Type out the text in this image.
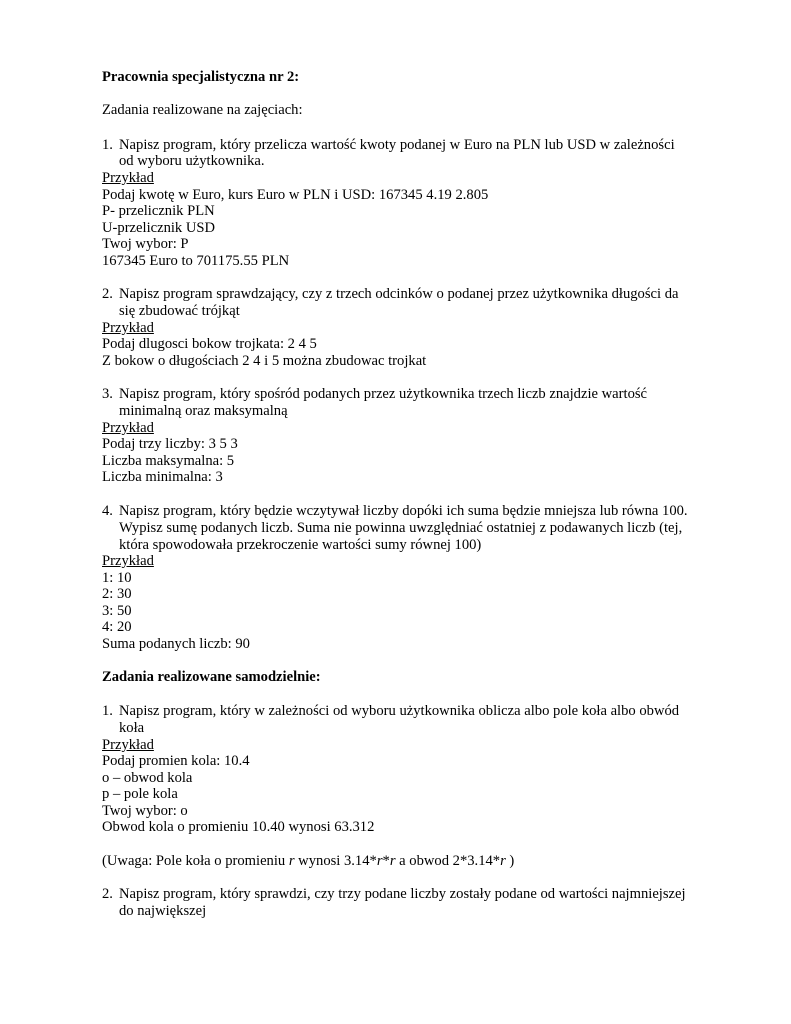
Pracownia specjalistyczna nr 2:
Zadania realizowane na zajęciach:
1. Napisz program, który przelicza wartość kwoty podanej w Euro na PLN lub USD w zależności
od wyboru użytkownika.
Przykład
Podaj kwotę w Euro, kurs Euro w PLN i USD: 167345 4.19 2.805
P- przelicznik PLN
U-przelicznik USD
Twoj wybor: P
167345 Euro to 701175.55 PLN
2. Napisz program sprawdzający, czy z trzech odcinków o podanej przez użytkownika długości da
się zbudować trójkąt
Przykład
Podaj dlugosci bokow trojkata: 2 4 5
Z bokow o długościach 2 4 i 5 można zbudowac trojkat
3. Napisz program, który spośród podanych przez użytkownika trzech liczb znajdzie wartość
minimalną oraz maksymalną
Przykład
Podaj trzy liczby: 3 5 3
Liczba maksymalna: 5
Liczba minimalna: 3
4. Napisz program, który będzie wczytywał liczby dopóki ich suma będzie mniejsza lub równa 100.
Wypisz sumę podanych liczb. Suma nie powinna uwzględniać ostatniej z podawanych liczb (tej,
która spowodowała przekroczenie wartości sumy równej 100)
Przykład
1: 10
2: 30
3: 50
4: 20
Suma podanych liczb: 90
Zadania realizowane samodzielnie:
1. Napisz program, który w zależności od wyboru użytkownika oblicza albo pole koła albo obwód
koła
Przykład
Podaj promien kola: 10.4
o – obwod kola
p – pole kola
Twoj wybor: o
Obwod kola o promieniu 10.40 wynosi 63.312
(Uwaga: Pole koła o promieniu r wynosi 3.14*r*r a obwod 2*3.14*r )
2. Napisz program, który sprawdzi, czy trzy podane liczby zostały podane od wartości najmniejszej
do największej
